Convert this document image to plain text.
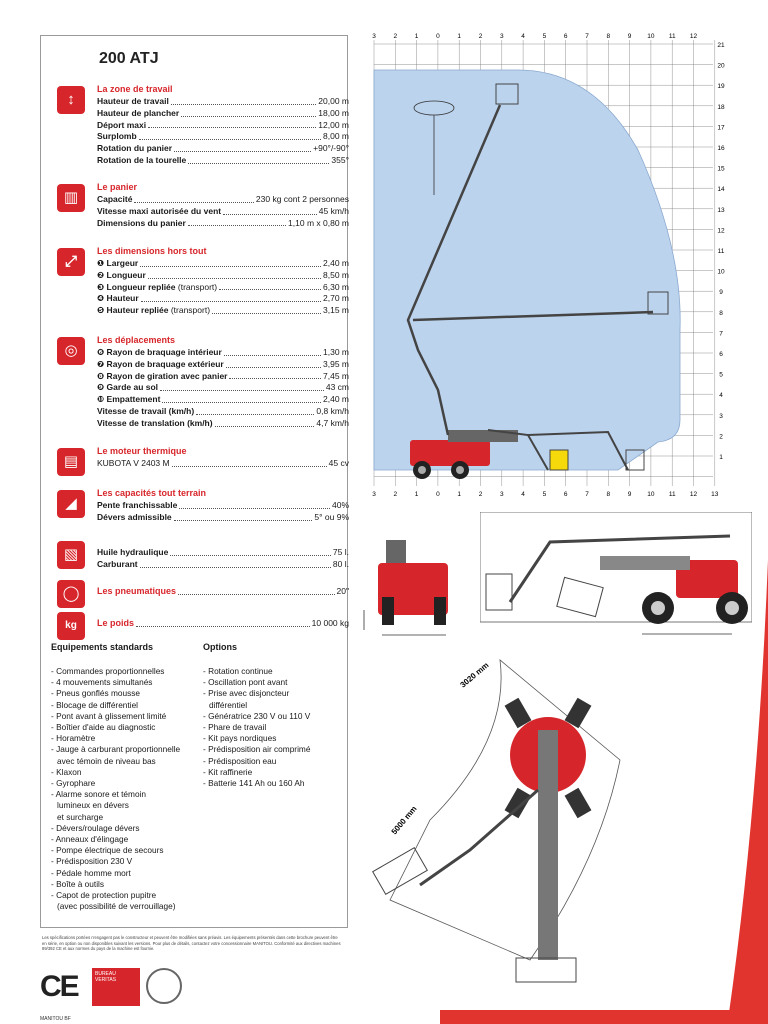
200 ATJ
↕
La zone de travail
Hauteur de travail	20,00 m
Hauteur de plancher	18,00 m
Déport maxi	12,00 m
Surplomb	8,00 m
Rotation du panier	+90°/-90°
Rotation de la tourelle	355°
▥
Le panier
Capacité	230 kg cont 2 personnes
Vitesse maxi autorisée du vent	45 km/h
Dimensions du panier	1,10 m x 0,80 m
⤢
Les dimensions hors tout
❶ Largeur	2,40 m
❷ Longueur	8,50 m
❸ Longueur repliée (transport)	6,30 m
❹ Hauteur	2,70 m
❺ Hauteur repliée (transport)	3,15 m
◎
Les déplacements
❻ Rayon de braquage intérieur	1,30 m
❼ Rayon de braquage extérieur	3,95 m
❽ Rayon de giration avec panier	7,45 m
❾ Garde au sol	43 cm
❿ Empattement	2,40 m
Vitesse de travail (km/h)	0,8 km/h
Vitesse de translation (km/h)	4,7 km/h
▤
Le moteur thermique
KUBOTA V 2403 M	45 cv
◢
Les capacités tout terrain
Pente franchissable	40%
Dévers admissible	5° ou 9%
▧	Huile hydraulique	75 l.
Carburant	80 l.
◯	Les pneumatiques	20"
kg	Le poids	10 000 kg
Equipements standards	Options
- Commandes proportionnelles
- 4 mouvements simultanés
- Pneus gonflés mousse
- Blocage de différentiel
- Pont avant à glissement limité
- Boîtier d'aide au diagnostic
- Horamètre
- Jauge à carburant proportionnelle
avec témoin de niveau bas
- Klaxon
- Gyrophare
- Alarme sonore et témoin
lumineux en dévers
et surcharge
- Dévers/roulage dévers
- Anneaux d'élingage
- Pompe électrique de secours
- Prédisposition 230 V
- Pédale homme mort
- Boîte à outils
- Capot de protection pupitre
(avec possibilité de verrouillage)
- Rotation continue
- Oscillation pont avant
- Prise avec disjoncteur
différentiel
- Génératrice 230 V ou 110 V
- Phare de travail
- Kit pays nordiques
- Prédisposition air comprimé
- Prédisposition eau
- Kit raffinerie
- Batterie 141 Ah ou 160 Ah
Les spécifications portées n'engagent pas le constructeur et peuvent être modifiées sans préavis. Les équipements présentés dans cette brochure peuvent être en série, en option ou non disponibles suivant les versions. Pour plus de détails, contactez votre concessionnaire MANITOU. Conformité aux directives machines 89/392 CE et aux normes du pays de la machine est fournie.
CE	BUREAU VERITAS
MANITOU BF
3	2	1	0	1	2	3	4	5	6	7	8	9 10 11 12
3	2	1	0	1	2	3	4	5	6	7	8	9 10 11 12 13
21
20
19
18
17
16
15
14
13
12
11
10
9
8
7
6
5
4
3
2
1
3020 mm
5000 mm
